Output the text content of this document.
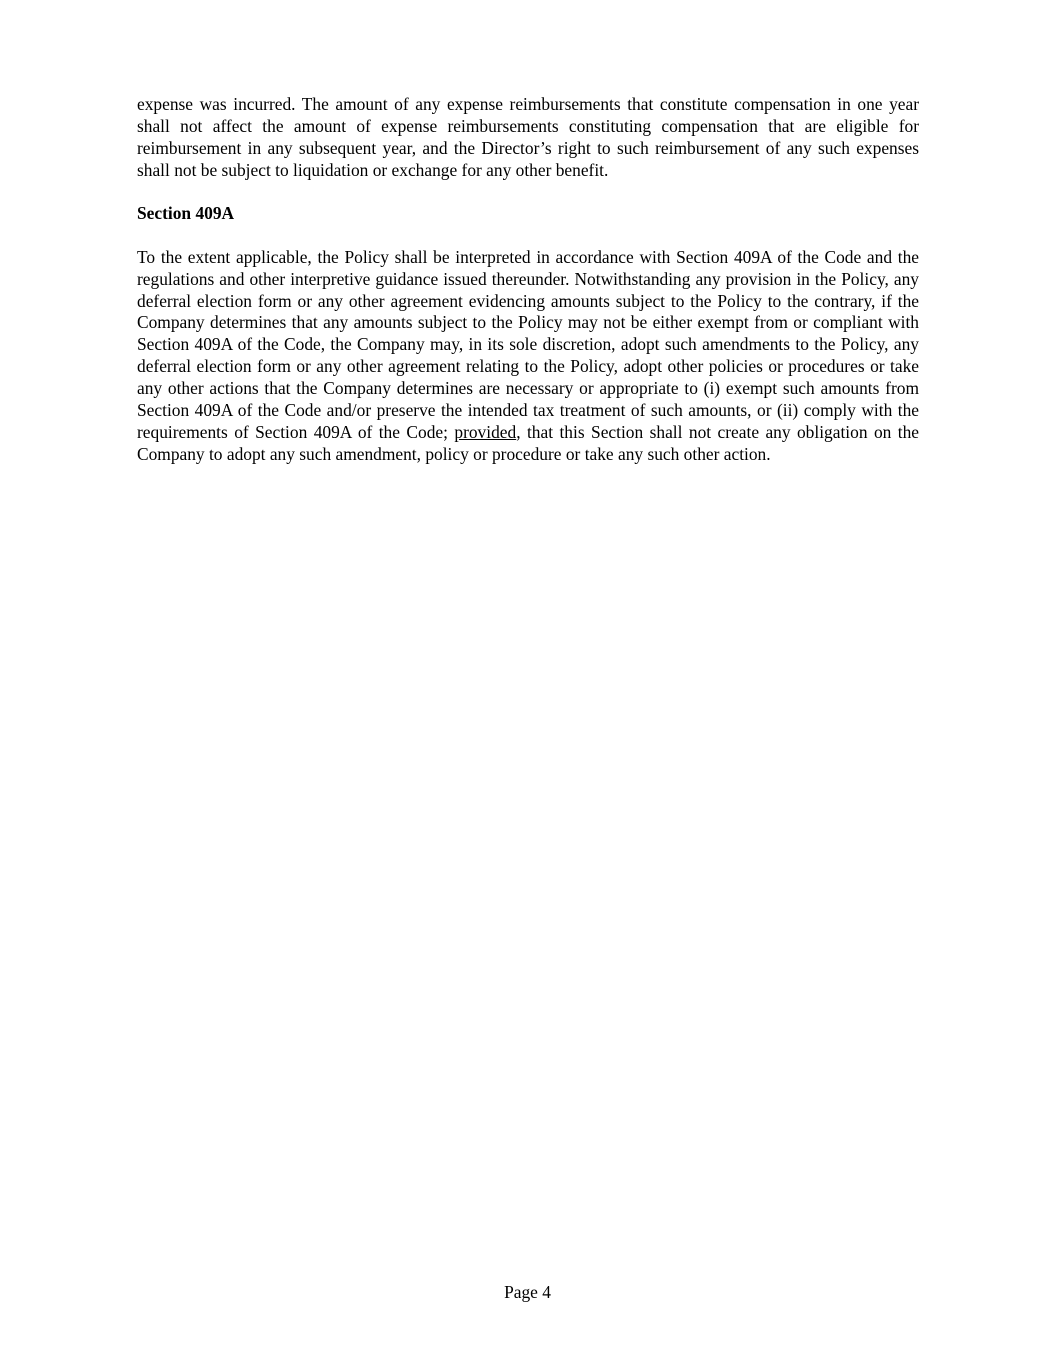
expense was incurred. The amount of any expense reimbursements that constitute compensation in one year shall not affect the amount of expense reimbursements constituting compensation that are eligible for reimbursement in any subsequent year, and the Director’s right to such reimbursement of any such expenses shall not be subject to liquidation or exchange for any other benefit.

Section 409A

To the extent applicable, the Policy shall be interpreted in accordance with Section 409A of the Code and the regulations and other interpretive guidance issued thereunder. Notwithstanding any provision in the Policy, any deferral election form or any other agreement evidencing amounts subject to the Policy to the contrary, if the Company determines that any amounts subject to the Policy may not be either exempt from or compliant with Section 409A of the Code, the Company may, in its sole discretion, adopt such amendments to the Policy, any deferral election form or any other agreement relating to the Policy, adopt other policies or procedures or take any other actions that the Company determines are necessary or appropriate to (i) exempt such amounts from Section 409A of the Code and/or preserve the intended tax treatment of such amounts, or (ii) comply with the requirements of Section 409A of the Code; provided, that this Section shall not create any obligation on the Company to adopt any such amendment, policy or procedure or take any such other action.

Page 4
